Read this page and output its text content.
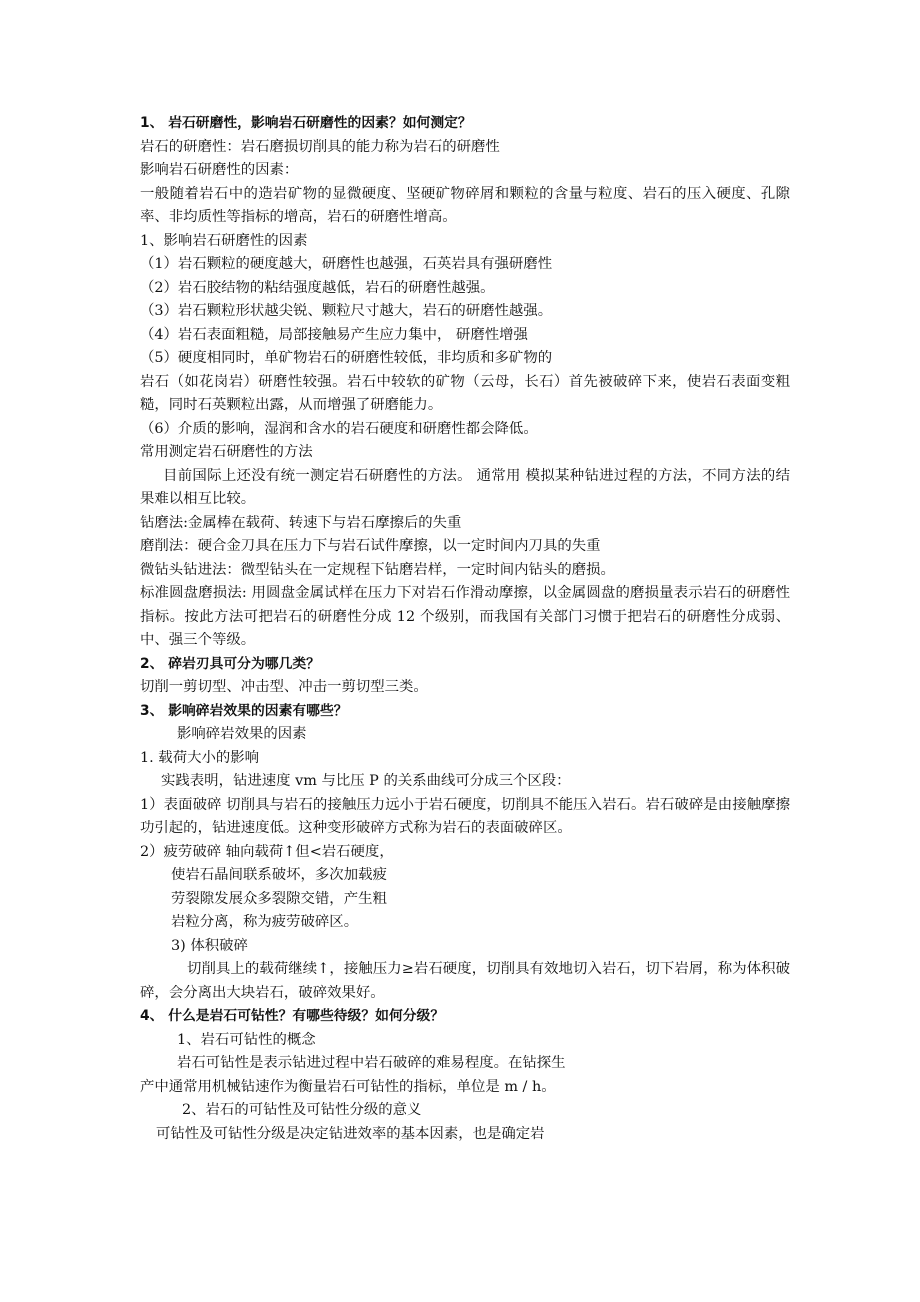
1、 岩石研磨性，影响岩石研磨性的因素？如何测定？

岩石的研磨性：岩石磨损切削具的能力称为岩石的研磨性

影响岩石研磨性的因素：

一般随着岩石中的造岩矿物的显微硬度、坚硬矿物碎屑和颗粒的含量与粒度、岩石的压入硬度、孔隙率、非均质性等指标的增高，岩石的研磨性增高。

1、影响岩石研磨性的因素

（1）岩石颗粒的硬度越大，研磨性也越强，石英岩具有强研磨性

（2）岩石胶结物的粘结强度越低，岩石的研磨性越强。

（3）岩石颗粒形状越尖锐、颗粒尺寸越大，岩石的研磨性越强。

（4）岩石表面粗糙，局部接触易产生应力集中， 研磨性增强

（5）硬度相同时，单矿物岩石的研磨性较低，非均质和多矿物的

岩石（如花岗岩）研磨性较强。岩石中较软的矿物（云母，长石）首先被破碎下来，使岩石表面变粗糙，同时石英颗粒出露，从而增强了研磨能力。

（6）介质的影响，湿润和含水的岩石硬度和研磨性都会降低。

常用测定岩石研磨性的方法

目前国际上还没有统一测定岩石研磨性的方法。 通常用 模拟某种钻进过程的方法，不同方法的结果难以相互比较。

钻磨法:金属棒在载荷、转速下与岩石摩擦后的失重

磨削法：硬合金刀具在压力下与岩石试件摩擦，以一定时间内刀具的失重

微钻头钻进法：微型钻头在一定规程下钻磨岩样，一定时间内钻头的磨损。

标准圆盘磨损法: 用圆盘金属试样在压力下对岩石作滑动摩擦，以金属圆盘的磨损量表示岩石的研磨性指标。按此方法可把岩石的研磨性分成 12 个级别，而我国有关部门习惯于把岩石的研磨性分成弱、中、强三个等级。

2、 碎岩刃具可分为哪几类？

切削一剪切型、冲击型、冲击一剪切型三类。

3、 影响碎岩效果的因素有哪些？

影响碎岩效果的因素

1. 载荷大小的影响

实践表明，钻进速度 vm 与比压 P 的关系曲线可分成三个区段：

1）表面破碎 切削具与岩石的接触压力远小于岩石硬度，切削具不能压入岩石。岩石破碎是由接触摩擦功引起的，钻进速度低。这种变形破碎方式称为岩石的表面破碎区。

2）疲劳破碎 轴向载荷↑但<岩石硬度，

使岩石晶间联系破坏，多次加载疲

劳裂隙发展众多裂隙交错，产生粗

岩粒分离，称为疲劳破碎区。

3) 体积破碎

切削具上的载荷继续↑，接触压力≥岩石硬度，切削具有效地切入岩石，切下岩屑，称为体积破碎，会分离出大块岩石，破碎效果好。

4、 什么是岩石可钻性？有哪些待级？如何分级？

1、岩石可钻性的概念

岩石可钻性是表示钻进过程中岩石破碎的难易程度。在钻探生

产中通常用机械钻速作为衡量岩石可钻性的指标，单位是 m / h。

2、岩石的可钻性及可钻性分级的意义

可钻性及可钻性分级是决定钻进效率的基本因素，也是确定岩
